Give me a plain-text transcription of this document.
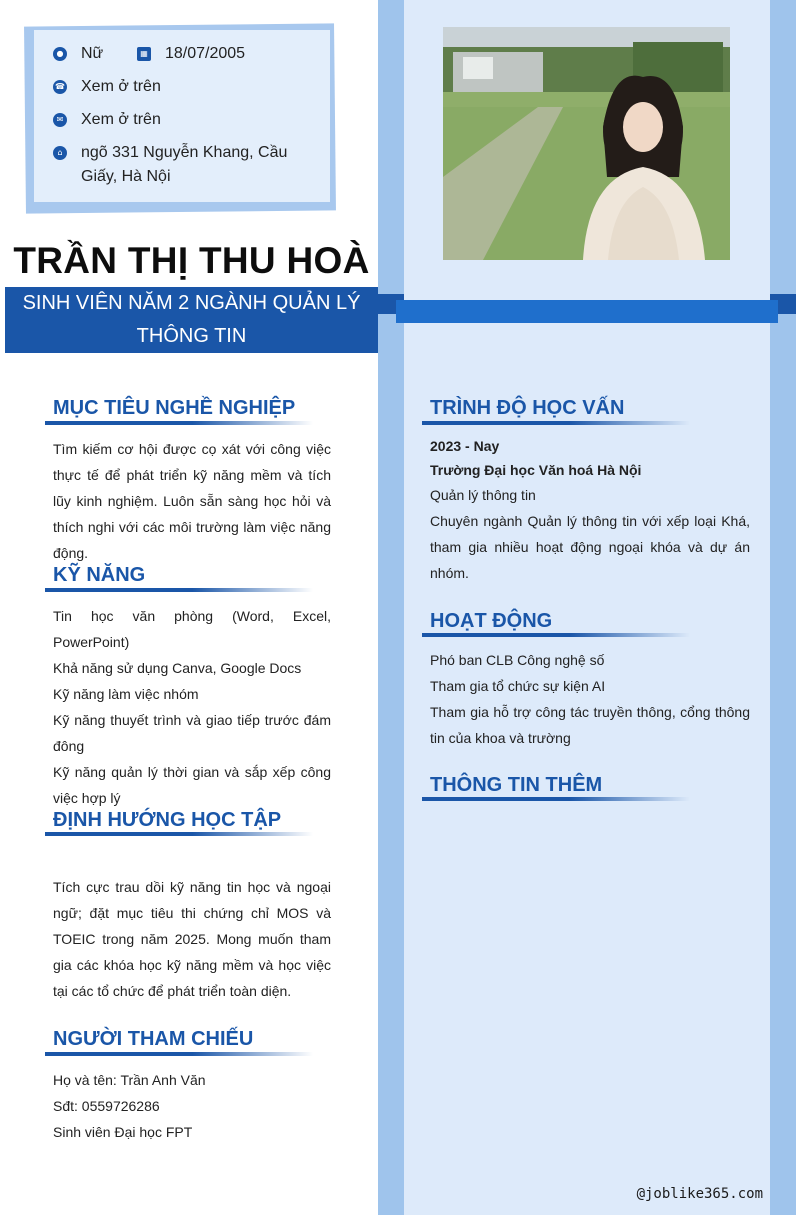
● Nữ	▦ 18/07/2005
☎ Xem ở trên
✉ Xem ở trên
⌂ ngõ 331 Nguyễn Khang, Cầu Giấy, Hà Nội
TRẦN THỊ THU HOÀ
SINH VIÊN NĂM 2 NGÀNH QUẢN LÝ THÔNG TIN
MỤC TIÊU NGHỀ NGHIỆP
Tìm kiếm cơ hội được cọ xát với công việc thực tế để phát triển kỹ năng mềm và tích lũy kinh nghiệm. Luôn sẵn sàng học hỏi và thích nghi với các môi trường làm việc năng động.
KỸ NĂNG
Tin học văn phòng (Word, Excel, PowerPoint)
Khả năng sử dụng Canva, Google Docs
Kỹ năng làm việc nhóm
Kỹ năng thuyết trình và giao tiếp trước đám đông
Kỹ năng quản lý thời gian và sắp xếp công việc hợp lý
ĐỊNH HƯỚNG HỌC TẬP
Tích cực trau dồi kỹ năng tin học và ngoại ngữ; đặt mục tiêu thi chứng chỉ MOS và TOEIC trong năm 2025. Mong muốn tham gia các khóa học kỹ năng mềm và học việc tại các tổ chức để phát triển toàn diện.
NGƯỜI THAM CHIẾU
Họ và tên: Trần Anh Văn
Sđt: 0559726286
Sinh viên Đại học FPT
TRÌNH ĐỘ HỌC VẤN
2023 - Nay
Trường Đại học Văn hoá Hà Nội
Quản lý thông tin
Chuyên ngành Quản lý thông tin với xếp loại Khá, tham gia nhiều hoạt động ngoại khóa và dự án nhóm.
HOẠT ĐỘNG
Phó ban CLB Công nghệ số
Tham gia tổ chức sự kiện AI
Tham gia hỗ trợ công tác truyền thông, cổng thông tin của khoa và trường
THÔNG TIN THÊM
@joblike365.com
